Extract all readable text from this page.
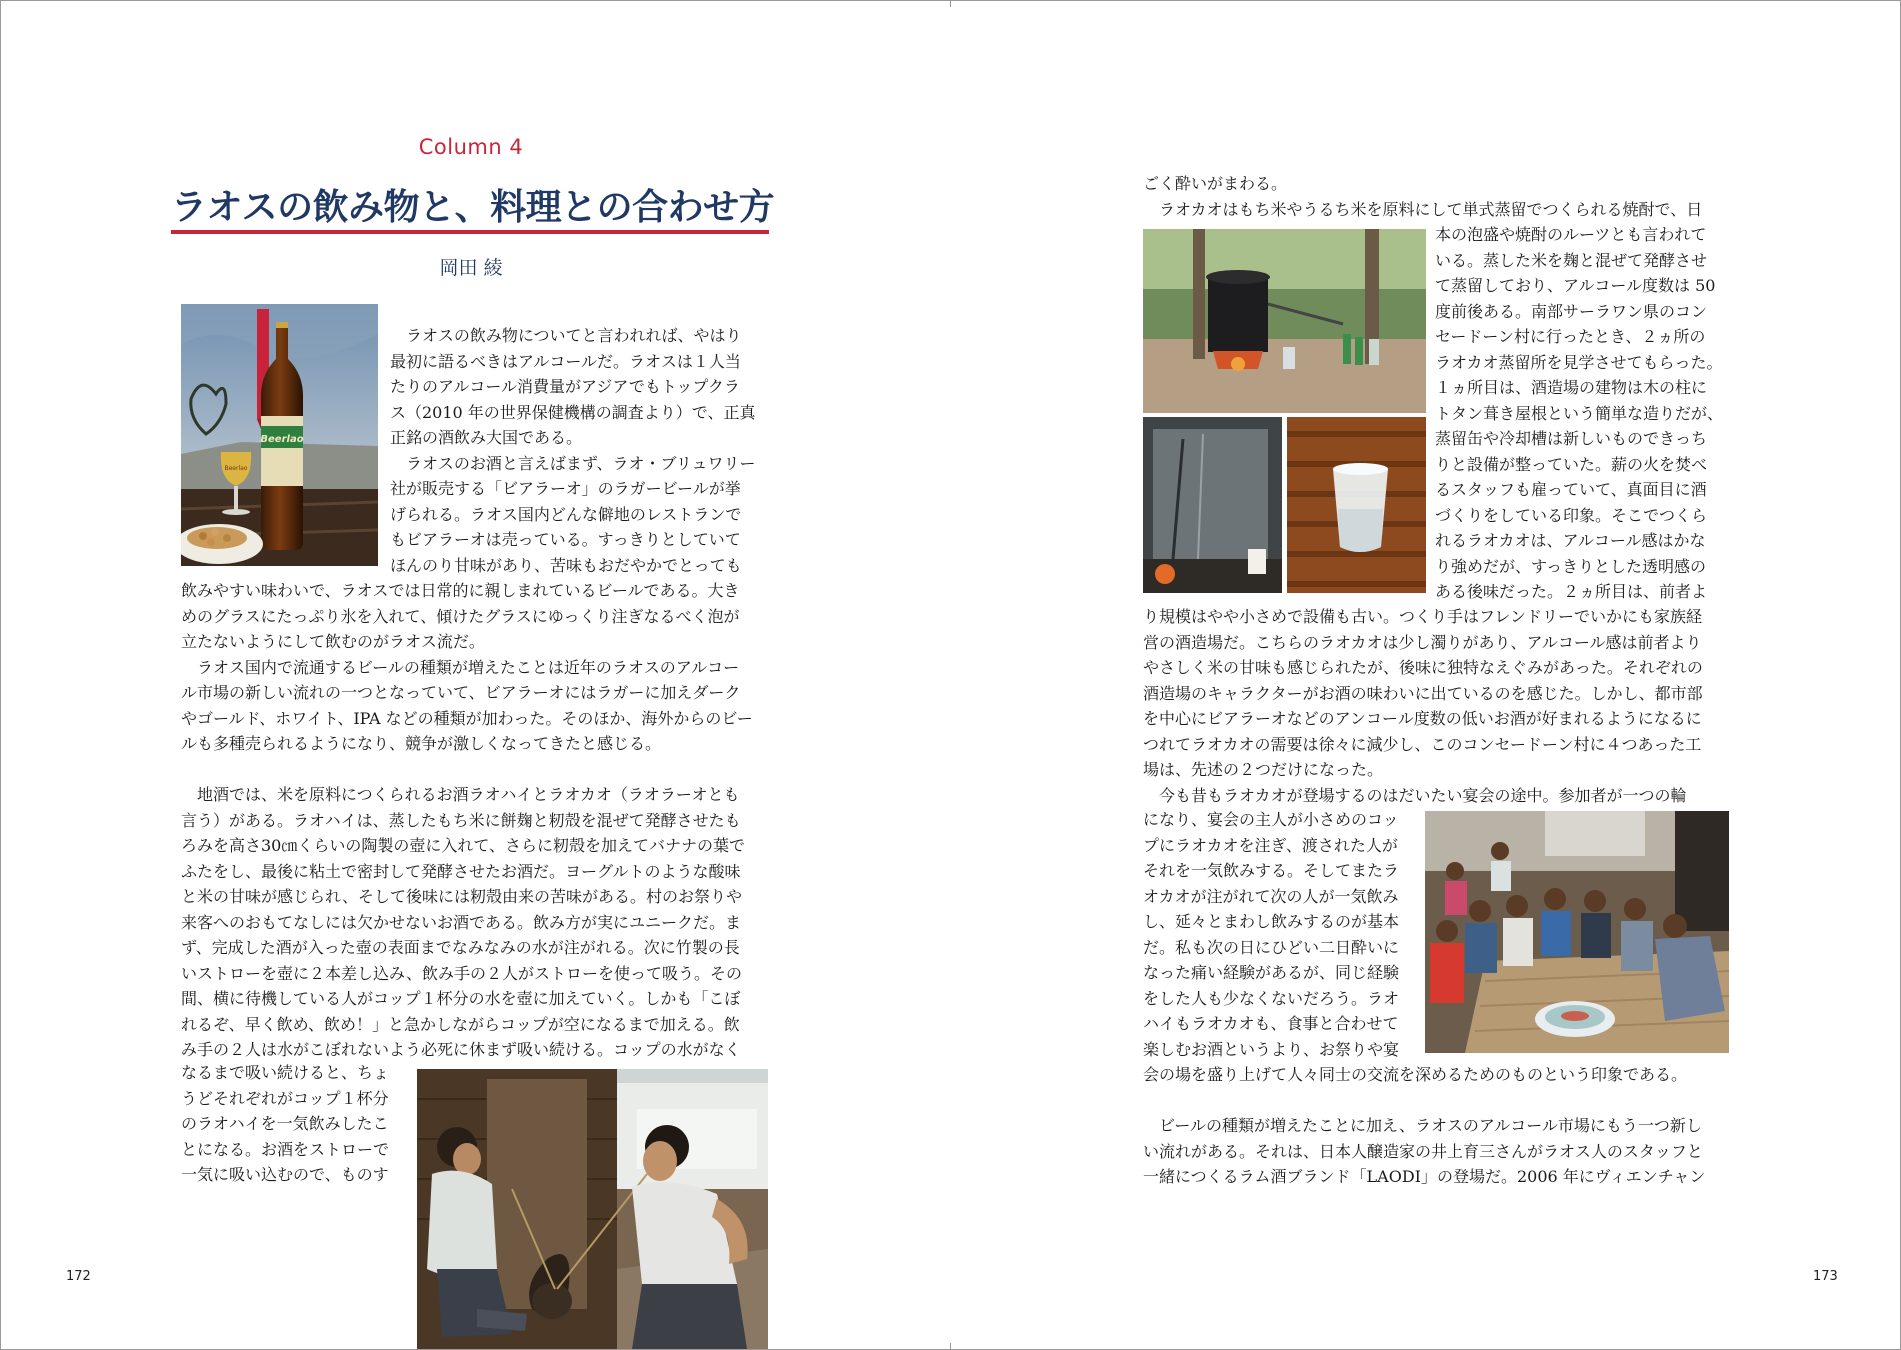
Column 4
ラオスの飲み物と、料理との合わせ方
岡田 綾
Beerlao
Beerlao
　ラオスの飲み物についてと言われれば、やはり
最初に語るべきはアルコールだ。ラオスは１人当
たりのアルコール消費量がアジアでもトップクラ
ス（2010 年の世界保健機構の調査より）で、正真
正銘の酒飲み大国である。
　ラオスのお酒と言えばまず、ラオ・ブリュワリー
社が販売する「ビアラーオ」のラガービールが挙
げられる。ラオス国内どんな僻地のレストランで
もビアラーオは売っている。すっきりとしていて
ほんのり甘味があり、苦味もおだやかでとっても
飲みやすい味わいで、ラオスでは日常的に親しまれているビールである。大き
めのグラスにたっぷり氷を入れて、傾けたグラスにゆっくり注ぎなるべく泡が
立たないようにして飲むのがラオス流だ。
　ラオス国内で流通するビールの種類が増えたことは近年のラオスのアルコー
ル市場の新しい流れの一つとなっていて、ビアラーオにはラガーに加えダーク
やゴールド、ホワイト、IPA などの種類が加わった。そのほか、海外からのビー
ルも多種売られるようになり、競争が激しくなってきたと感じる。

　地酒では、米を原料につくられるお酒ラオハイとラオカオ（ラオラーオとも
言う）がある。ラオハイは、蒸したもち米に餅麹と籾殻を混ぜて発酵させたも
ろみを高さ30㎝くらいの陶製の壺に入れて、さらに籾殻を加えてバナナの葉で
ふたをし、最後に粘土で密封して発酵させたお酒だ。ヨーグルトのような酸味
と米の甘味が感じられ、そして後味には籾殻由来の苦味がある。村のお祭りや
来客へのおもてなしには欠かせないお酒である。飲み方が実にユニークだ。ま
ず、完成した酒が入った壺の表面までなみなみの水が注がれる。次に竹製の長
いストローを壺に２本差し込み、飲み手の２人がストローを使って吸う。その
間、横に待機している人がコップ１杯分の水を壺に加えていく。しかも「こぼ
れるぞ、早く飲め、飲め！」と急かしながらコップが空になるまで加える。飲
み手の２人は水がこぼれないよう必死に休まず吸い続ける。コップの水がなく
なるまで吸い続けると、ちょ
うどそれぞれがコップ１杯分
のラオハイを一気飲みしたこ
とになる。お酒をストローで
一気に吸い込むので、ものす
172
ごく酔いがまわる。
　ラオカオはもち米やうるち米を原料にして単式蒸留でつくられる焼酎で、日
本の泡盛や焼酎のルーツとも言われて
いる。蒸した米を麹と混ぜて発酵させ
て蒸留しており、アルコール度数は 50
度前後ある。南部サーラワン県のコン
セードーン村に行ったとき、２ヵ所の
ラオカオ蒸留所を見学させてもらった。
１ヵ所目は、酒造場の建物は木の柱に
トタン葺き屋根という簡単な造りだが、
蒸留缶や冷却槽は新しいものできっち
りと設備が整っていた。薪の火を焚べ
るスタッフも雇っていて、真面目に酒
づくりをしている印象。そこでつくら
れるラオカオは、アルコール感はかな
り強めだが、すっきりとした透明感の
ある後味だった。２ヵ所目は、前者よ
り規模はやや小さめで設備も古い。つくり手はフレンドリーでいかにも家族経
営の酒造場だ。こちらのラオカオは少し濁りがあり、アルコール感は前者より
やさしく米の甘味も感じられたが、後味に独特なえぐみがあった。それぞれの
酒造場のキャラクターがお酒の味わいに出ているのを感じた。しかし、都市部
を中心にビアラーオなどのアンコール度数の低いお酒が好まれるようになるに
つれてラオカオの需要は徐々に減少し、このコンセードーン村に４つあった工
場は、先述の２つだけになった。
　今も昔もラオカオが登場するのはだいたい宴会の途中。参加者が一つの輪
になり、宴会の主人が小さめのコッ
プにラオカオを注ぎ、渡された人が
それを一気飲みする。そしてまたラ
オカオが注がれて次の人が一気飲み
し、延々とまわし飲みするのが基本
だ。私も次の日にひどい二日酔いに
なった痛い経験があるが、同じ経験
をした人も少なくないだろう。ラオ
ハイもラオカオも、食事と合わせて
楽しむお酒というより、お祭りや宴
会の場を盛り上げて人々同士の交流を深めるためのものという印象である。

　ビールの種類が増えたことに加え、ラオスのアルコール市場にもう一つ新し
い流れがある。それは、日本人醸造家の井上育三さんがラオス人のスタッフと
一緒につくるラム酒ブランド「LAODI」の登場だ。2006 年にヴィエンチャン
173
